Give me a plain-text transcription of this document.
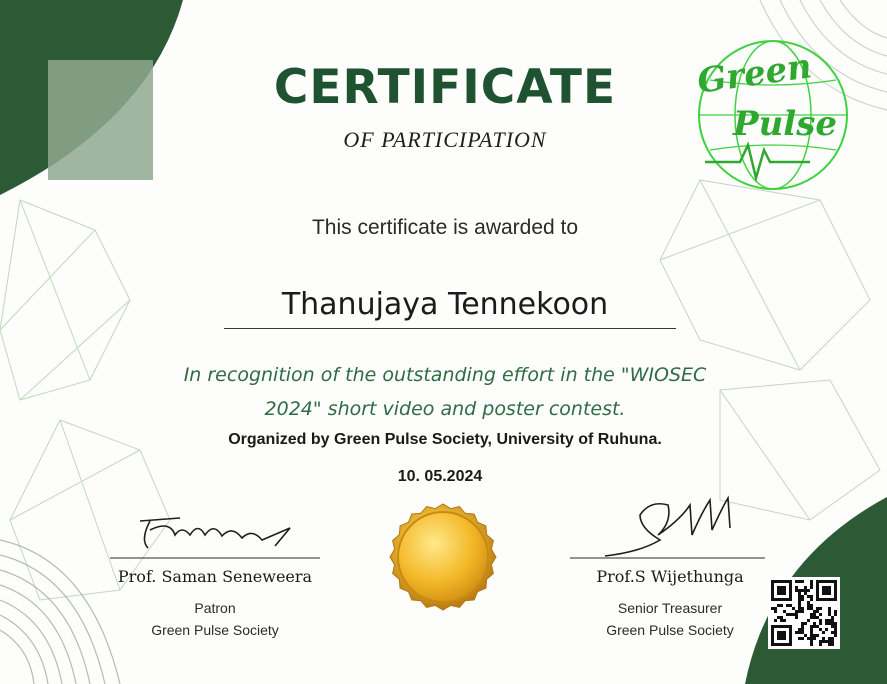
Green
Pulse
CERTIFICATE
OF PARTICIPATION
This certificate is awarded to
Thanujaya Tennekoon
In recognition of the outstanding effort in the "WIOSEC
2024" short video and poster contest.
Organized by Green Pulse Society, University of Ruhuna.
10. 05.2024
Prof. Saman Seneweera
Patron
Green Pulse Society
Prof.S Wijethunga
Senior Treasurer
Green Pulse Society
